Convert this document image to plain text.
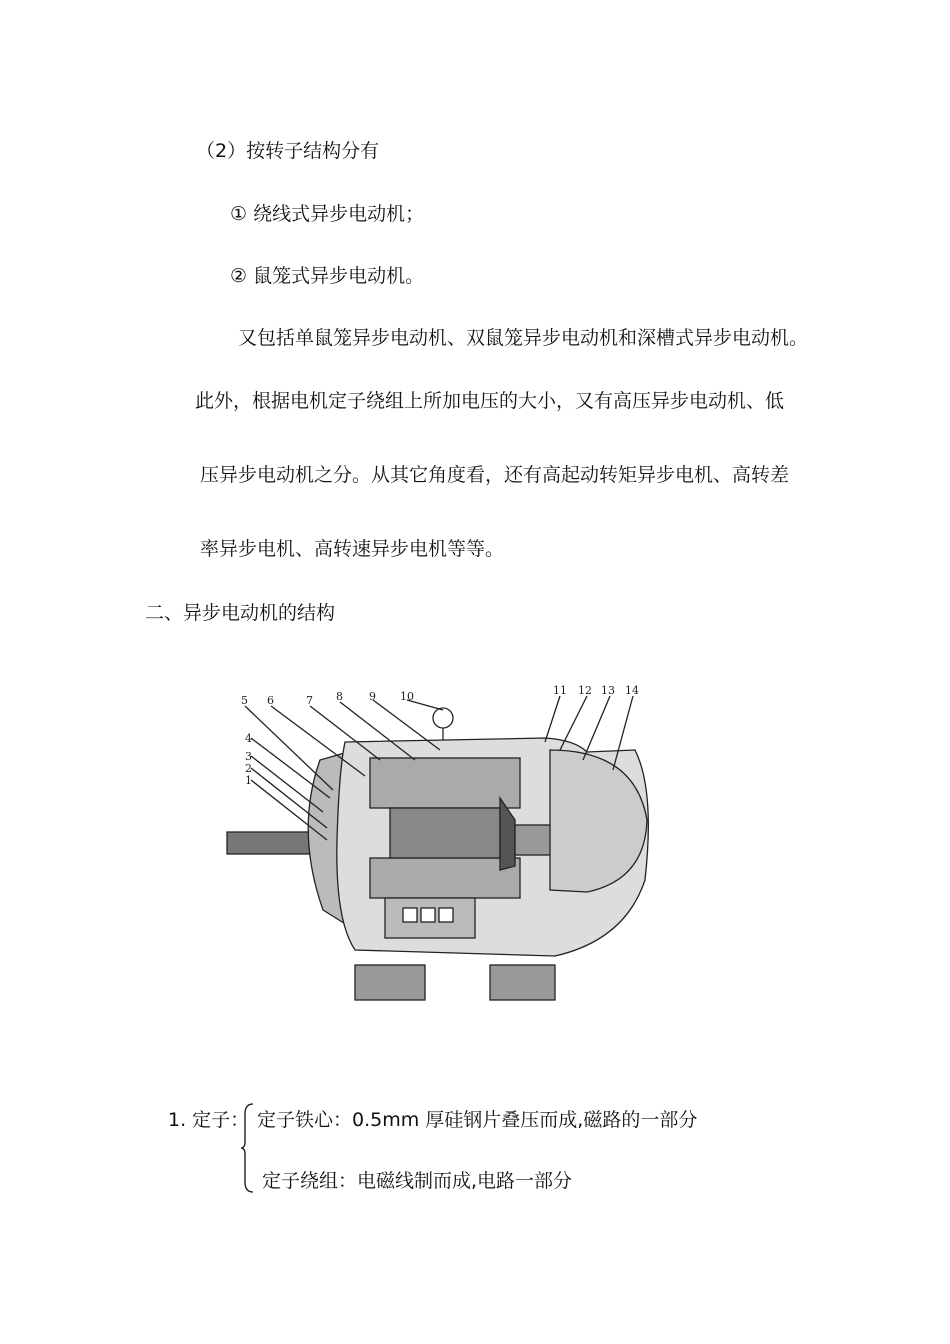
（2）按转子结构分有
① 绕线式异步电动机；
② 鼠笼式异步电动机。
又包括单鼠笼异步电动机、双鼠笼异步电动机和深槽式异步电动机。
此外，根据电机定子绕组上所加电压的大小，又有高压异步电动机、低
压异步电动机之分。从其它角度看，还有高起动转矩异步电机、高转差
率异步电机、高转速异步电机等等。
二、异步电动机的结构
1
2
3
4
5 6	7 8 9 10	11 12 13 14
1. 定子： 定子铁心：0.5mm 厚硅钢片叠压而成,磁路的一部分
定子绕组：电磁线制而成,电路一部分
